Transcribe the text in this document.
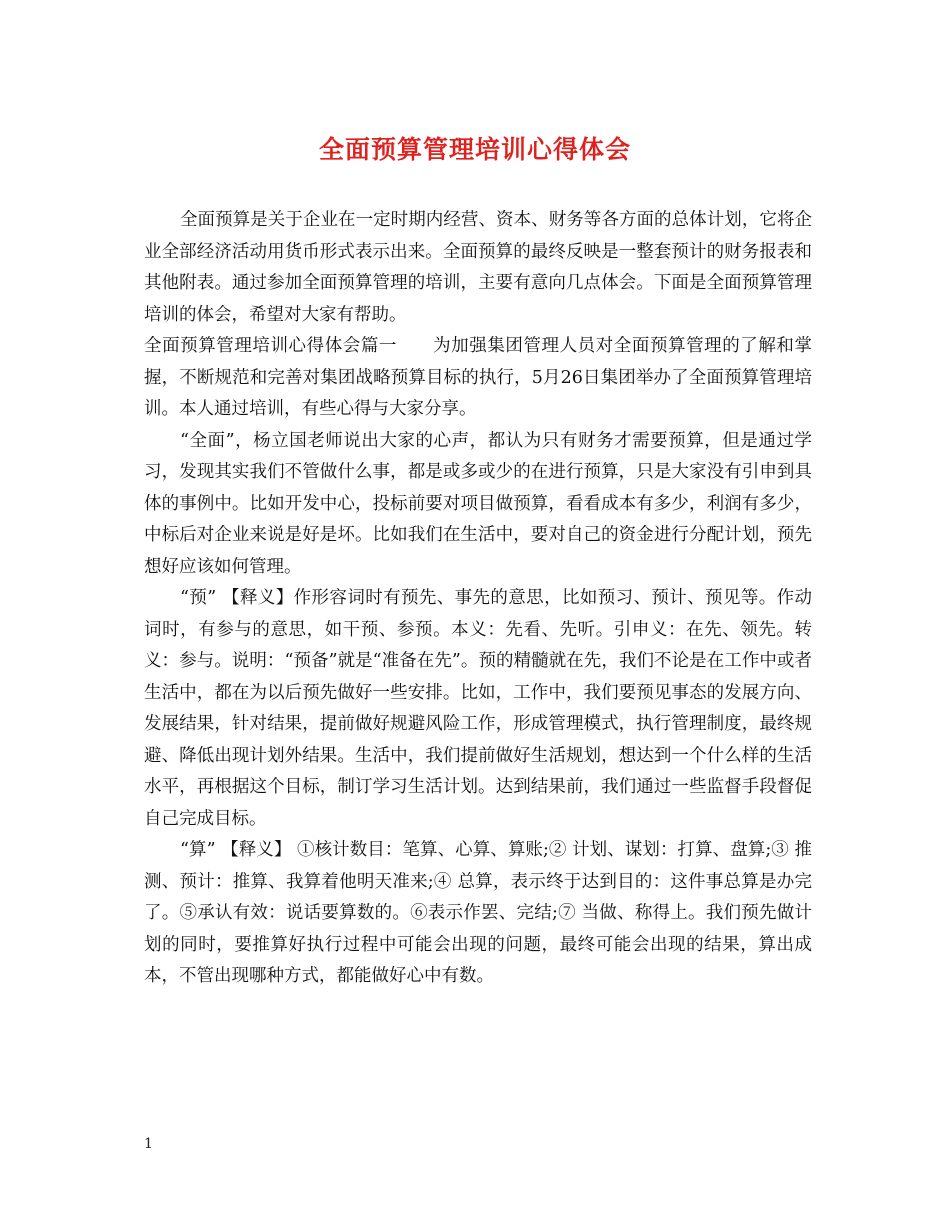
全面预算管理培训心得体会

全面预算是关于企业在一定时期内经营、资本、财务等各方面的总体计划，它将企业全部经济活动用货币形式表示出来。全面预算的最终反映是一整套预计的财务报表和其他附表。通过参加全面预算管理的培训，主要有意向几点体会。下面是全面预算管理培训的体会，希望对大家有帮助。

全面预算管理培训心得体会篇一　　为加强集团管理人员对全面预算管理的了解和掌握，不断规范和完善对集团战略预算目标的执行，5月26日集团举办了全面预算管理培训。本人通过培训，有些心得与大家分享。

“全面”，杨立国老师说出大家的心声，都认为只有财务才需要预算，但是通过学习，发现其实我们不管做什么事，都是或多或少的在进行预算，只是大家没有引申到具体的事例中。比如开发中心，投标前要对项目做预算，看看成本有多少，利润有多少，中标后对企业来说是好是坏。比如我们在生活中，要对自己的资金进行分配计划，预先想好应该如何管理。

“预” 【释义】作形容词时有预先、事先的意思，比如预习、预计、预见等。作动词时，有参与的意思，如干预、参预。本义：先看、先听。引申义：在先、领先。转义：参与。说明：“预备”就是“准备在先”。预的精髓就在先，我们不论是在工作中或者生活中，都在为以后预先做好一些安排。比如，工作中，我们要预见事态的发展方向、发展结果，针对结果，提前做好规避风险工作，形成管理模式，执行管理制度，最终规避、降低出现计划外结果。生活中，我们提前做好生活规划，想达到一个什么样的生活水平，再根据这个目标，制订学习生活计划。达到结果前，我们通过一些监督手段督促自己完成目标。

“算” 【释义】 ①核计数目：笔算、心算、算账;② 计划、谋划：打算、盘算;③ 推测、预计：推算、我算着他明天准来;④ 总算，表示终于达到目的：这件事总算是办完了。⑤承认有效：说话要算数的。⑥表示作罢、完结;⑦ 当做、称得上。我们预先做计划的同时，要推算好执行过程中可能会出现的问题，最终可能会出现的结果，算出成本，不管出现哪种方式，都能做好心中有数。

1
